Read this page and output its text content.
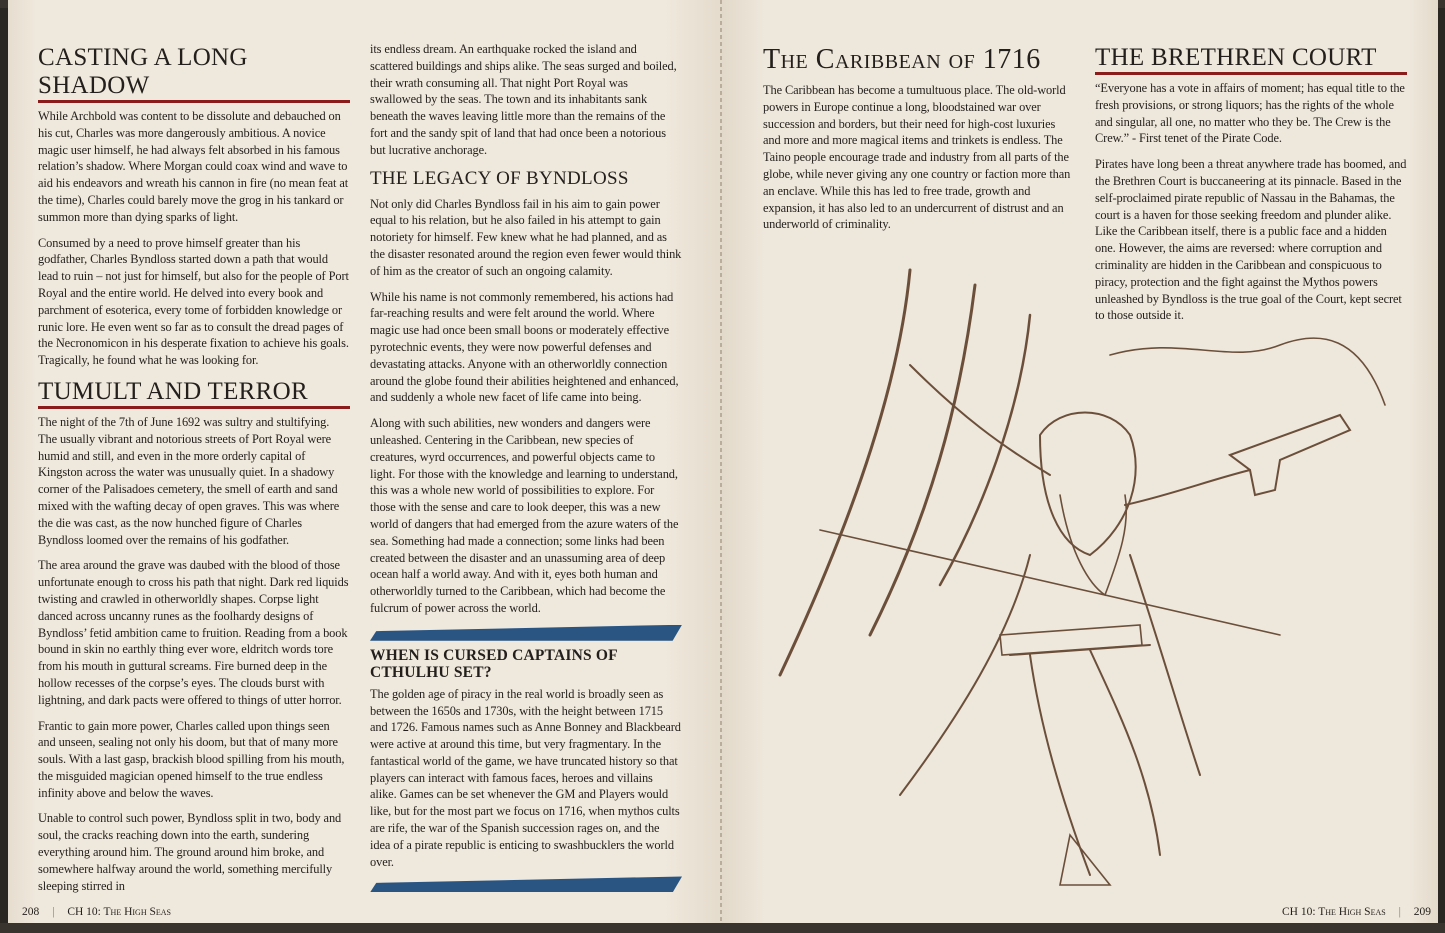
CASTING A LONG SHADOW

While Archbold was content to be dissolute and debauched on his cut, Charles was more dangerously ambitious. A novice magic user himself, he had always felt absorbed in his famous relation’s shadow. Where Morgan could coax wind and wave to aid his endeavors and wreath his cannon in fire (no mean feat at the time), Charles could barely move the grog in his tankard or summon more than dying sparks of light.

Consumed by a need to prove himself greater than his godfather, Charles Byndloss started down a path that would lead to ruin – not just for himself, but also for the people of Port Royal and the entire world. He delved into every book and parchment of esoterica, every tome of forbidden knowledge or runic lore. He even went so far as to consult the dread pages of the Necronomicon in his desperate fixation to achieve his goals. Tragically, he found what he was looking for.

TUMULT AND TERROR

The night of the 7th of June 1692 was sultry and stultifying. The usually vibrant and notorious streets of Port Royal were humid and still, and even in the more orderly capital of Kingston across the water was unusually quiet. In a shadowy corner of the Palisadoes cemetery, the smell of earth and sand mixed with the wafting decay of open graves. This was where the die was cast, as the now hunched figure of Charles Byndloss loomed over the remains of his godfather.

The area around the grave was daubed with the blood of those unfortunate enough to cross his path that night. Dark red liquids twisting and crawled in otherworldly shapes. Corpse light danced across uncanny runes as the foolhardy designs of Byndloss’ fetid ambition came to fruition. Reading from a book bound in skin no earthly thing ever wore, eldritch words tore from his mouth in guttural screams. Fire burned deep in the hollow recesses of the corpse’s eyes. The clouds burst with lightning, and dark pacts were offered to things of utter horror.

Frantic to gain more power, Charles called upon things seen and unseen, sealing not only his doom, but that of many more souls. With a last gasp, brackish blood spilling from his mouth, the misguided magician opened himself to the true endless infinity above and below the waves.

Unable to control such power, Byndloss split in two, body and soul, the cracks reaching down into the earth, sundering everything around him. The ground around him broke, and somewhere halfway around the world, something mercifully sleeping stirred in

its endless dream. An earthquake rocked the island and scattered buildings and ships alike. The seas surged and boiled, their wrath consuming all. That night Port Royal was swallowed by the seas. The town and its inhabitants sank beneath the waves leaving little more than the remains of the fort and the sandy spit of land that had once been a notorious but lucrative anchorage.

THE LEGACY OF BYNDLOSS

Not only did Charles Byndloss fail in his aim to gain power equal to his relation, but he also failed in his attempt to gain notoriety for himself. Few knew what he had planned, and as the disaster resonated around the region even fewer would think of him as the creator of such an ongoing calamity.

While his name is not commonly remembered, his actions had far-reaching results and were felt around the world. Where magic use had once been small boons or moderately effective pyrotechnic events, they were now powerful defenses and devastating attacks. Anyone with an otherworldly connection around the globe found their abilities heightened and enhanced, and suddenly a whole new facet of life came into being.

Along with such abilities, new wonders and dangers were unleashed. Centering in the Caribbean, new species of creatures, wyrd occurrences, and powerful objects came to light. For those with the knowledge and learning to understand, this was a whole new world of possibilities to explore. For those with the sense and care to look deeper, this was a new world of dangers that had emerged from the azure waters of the sea. Something had made a connection; some links had been created between the disaster and an unassuming area of deep ocean half a world away. And with it, eyes both human and otherworldly turned to the Caribbean, which had become the fulcrum of power across the world.

WHEN IS CURSED CAPTAINS OF CTHULHU SET?

The golden age of piracy in the real world is broadly seen as between the 1650s and 1730s, with the height between 1715 and 1726. Famous names such as Anne Bonney and Blackbeard were active at around this time, but very fragmentary. In the fantastical world of the game, we have truncated history so that players can interact with famous faces, heroes and villains alike. Games can be set whenever the GM and Players would like, but for the most part we focus on 1716, when mythos cults are rife, the war of the Spanish succession rages on, and the idea of a pirate republic is enticing to swashbucklers the world over.

208 | CH 10: The High Seas
The Caribbean of 1716

The Caribbean has become a tumultuous place. The old-world powers in Europe continue a long, bloodstained war over succession and borders, but their need for high-cost luxuries and more and more magical items and trinkets is endless. The Taino people encourage trade and industry from all parts of the globe, while never giving any one country or faction more than an enclave. While this has led to free trade, growth and expansion, it has also led to an undercurrent of distrust and an underworld of criminality.

THE BRETHREN COURT

“Everyone has a vote in affairs of moment; has equal title to the fresh provisions, or strong liquors; has the rights of the whole and singular, all one, no matter who they be. The Crew is the Crew.” - First tenet of the Pirate Code.

Pirates have long been a threat anywhere trade has boomed, and the Brethren Court is buccaneering at its pinnacle. Based in the self-proclaimed pirate republic of Nassau in the Bahamas, the court is a haven for those seeking freedom and plunder alike. Like the Caribbean itself, there is a public face and a hidden one. However, the aims are reversed: where corruption and criminality are hidden in the Caribbean and conspicuous to piracy, protection and the fight against the Mythos powers unleashed by Byndloss is the true goal of the Court, kept secret to those outside it.

CH 10: The High Seas | 209
